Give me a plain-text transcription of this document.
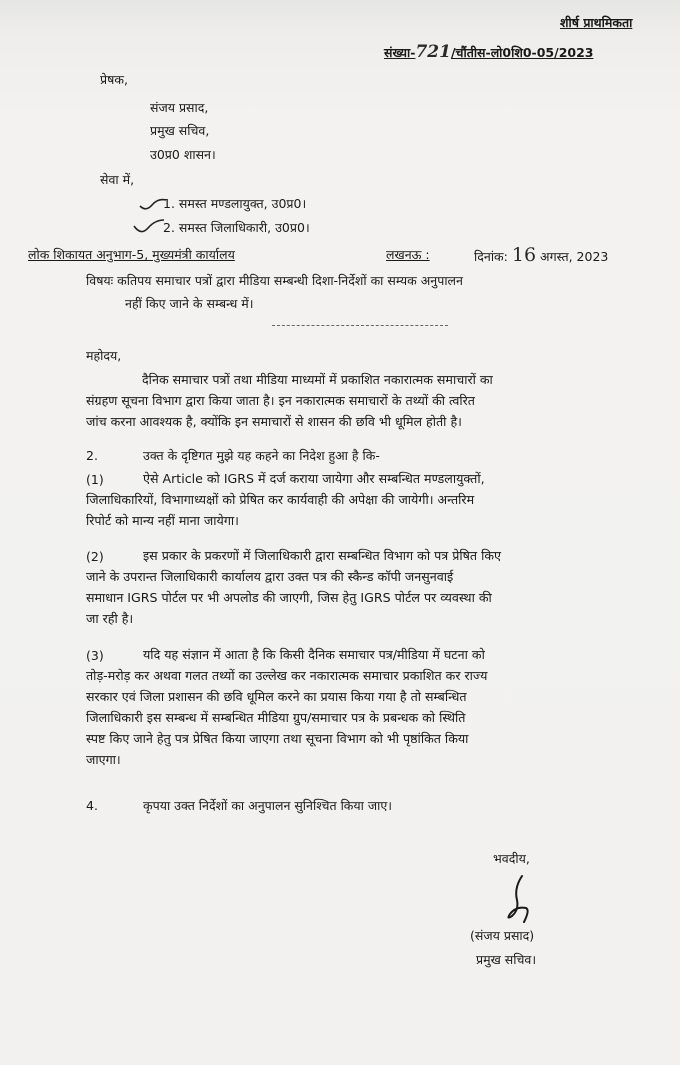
शीर्ष प्राथमिकता
संख्या-721/चौंतीस-लो0शि0-05/2023
प्रेषक,
संजय प्रसाद,
प्रमुख सचिव,
उ0प्र0 शासन।
सेवा में,
1. समस्त मण्डलायुक्त, उ0प्र0।
2. समस्त जिलाधिकारी, उ0प्र0।
लोक शिकायत अनुभाग-5, मुख्यमंत्री कार्यालय	लखनऊ :	दिनांक: 16 अगस्त, 2023
विषयः कतिपय समाचार पत्रों द्वारा मीडिया सम्बन्धी दिशा-निर्देशों का सम्यक अनुपालन
नहीं किए जाने के सम्बन्ध में।
महोदय,
दैनिक समाचार पत्रों तथा मीडिया माध्यमों में प्रकाशित नकारात्मक समाचारों का
संग्रहण सूचना विभाग द्वारा किया जाता है। इन नकारात्मक समाचारों के तथ्यों की त्वरित
जांच करना आवश्यक है, क्योंकि इन समाचारों से शासन की छवि भी धूमिल होती है।
2.	उक्त के दृष्टिगत मुझे यह कहने का निदेश हुआ है कि-
(1)	ऐसे Article को IGRS में दर्ज कराया जायेगा और सम्बन्धित मण्डलायुक्तों,
जिलाधिकारियों, विभागाध्यक्षों को प्रेषित कर कार्यवाही की अपेक्षा की जायेगी। अन्तरिम
रिपोर्ट को मान्य नहीं माना जायेगा।
(2)	इस प्रकार के प्रकरणों में जिलाधिकारी द्वारा सम्बन्धित विभाग को पत्र प्रेषित किए
जाने के उपरान्त जिलाधिकारी कार्यालय द्वारा उक्त पत्र की स्कैन्ड कॉपी जनसुनवाई
समाधान IGRS पोर्टल पर भी अपलोड की जाएगी, जिस हेतु IGRS पोर्टल पर व्यवस्था की
जा रही है।
(3)	यदि यह संज्ञान में आता है कि किसी दैनिक समाचार पत्र/मीडिया में घटना को
तोड़-मरोड़ कर अथवा गलत तथ्यों का उल्लेख कर नकारात्मक समाचार प्रकाशित कर राज्य
सरकार एवं जिला प्रशासन की छवि धूमिल करने का प्रयास किया गया है तो सम्बन्धित
जिलाधिकारी इस सम्बन्ध में सम्बन्धित मीडिया ग्रुप/समाचार पत्र के प्रबन्धक को स्थिति
स्पष्ट किए जाने हेतु पत्र प्रेषित किया जाएगा तथा सूचना विभाग को भी पृष्ठांकित किया
जाएगा।
4.	कृपया उक्त निर्देशों का अनुपालन सुनिश्चित किया जाए।
भवदीय,
(संजय प्रसाद)
प्रमुख सचिव।
